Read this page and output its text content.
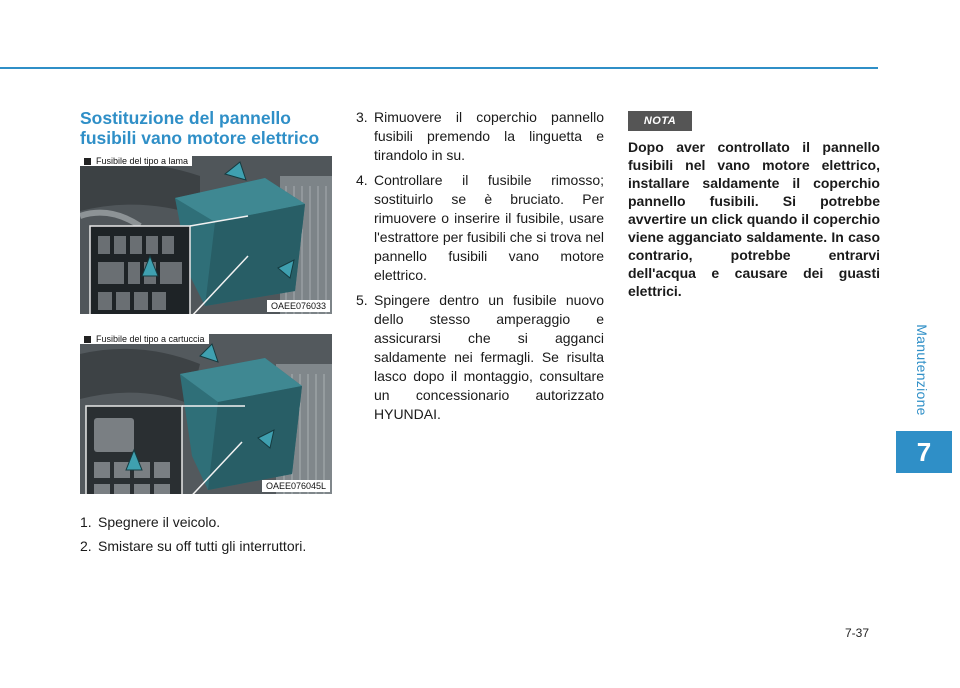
Manutenzione
7
Sostituzione del pannello
fusibili vano motore elettrico
Fusibile del tipo a lama
OAEE076033
Fusibile del tipo a cartuccia
OAEE076045L
1. Spegnere il veicolo.
2. Smistare su off tutti gli interruttori.
3. Rimuovere il coperchio pannello fusibili premendo la linguetta e tirandolo in su.
4. Controllare il fusibile rimosso; sostituirlo se è bruciato. Per rimuovere o inserire il fusibile, usare l'estrattore per fusibili che si trova nel pannello fusibili vano motore elettrico.
5. Spingere dentro un fusibile nuovo dello stesso amperaggio e assicurarsi che si agganci saldamente nei fermagli. Se risulta lasco dopo il montaggio, consultare un concessionario autorizzato HYUNDAI.
NOTA
Dopo aver controllato il pannello fusibili nel vano motore elettrico, installare saldamente il coperchio pannello fusibili. Si potrebbe avvertire un click quando il coperchio viene agganciato saldamente. In caso contrario, potrebbe entrarvi dell'acqua e causare dei guasti elettrici.
7-37
